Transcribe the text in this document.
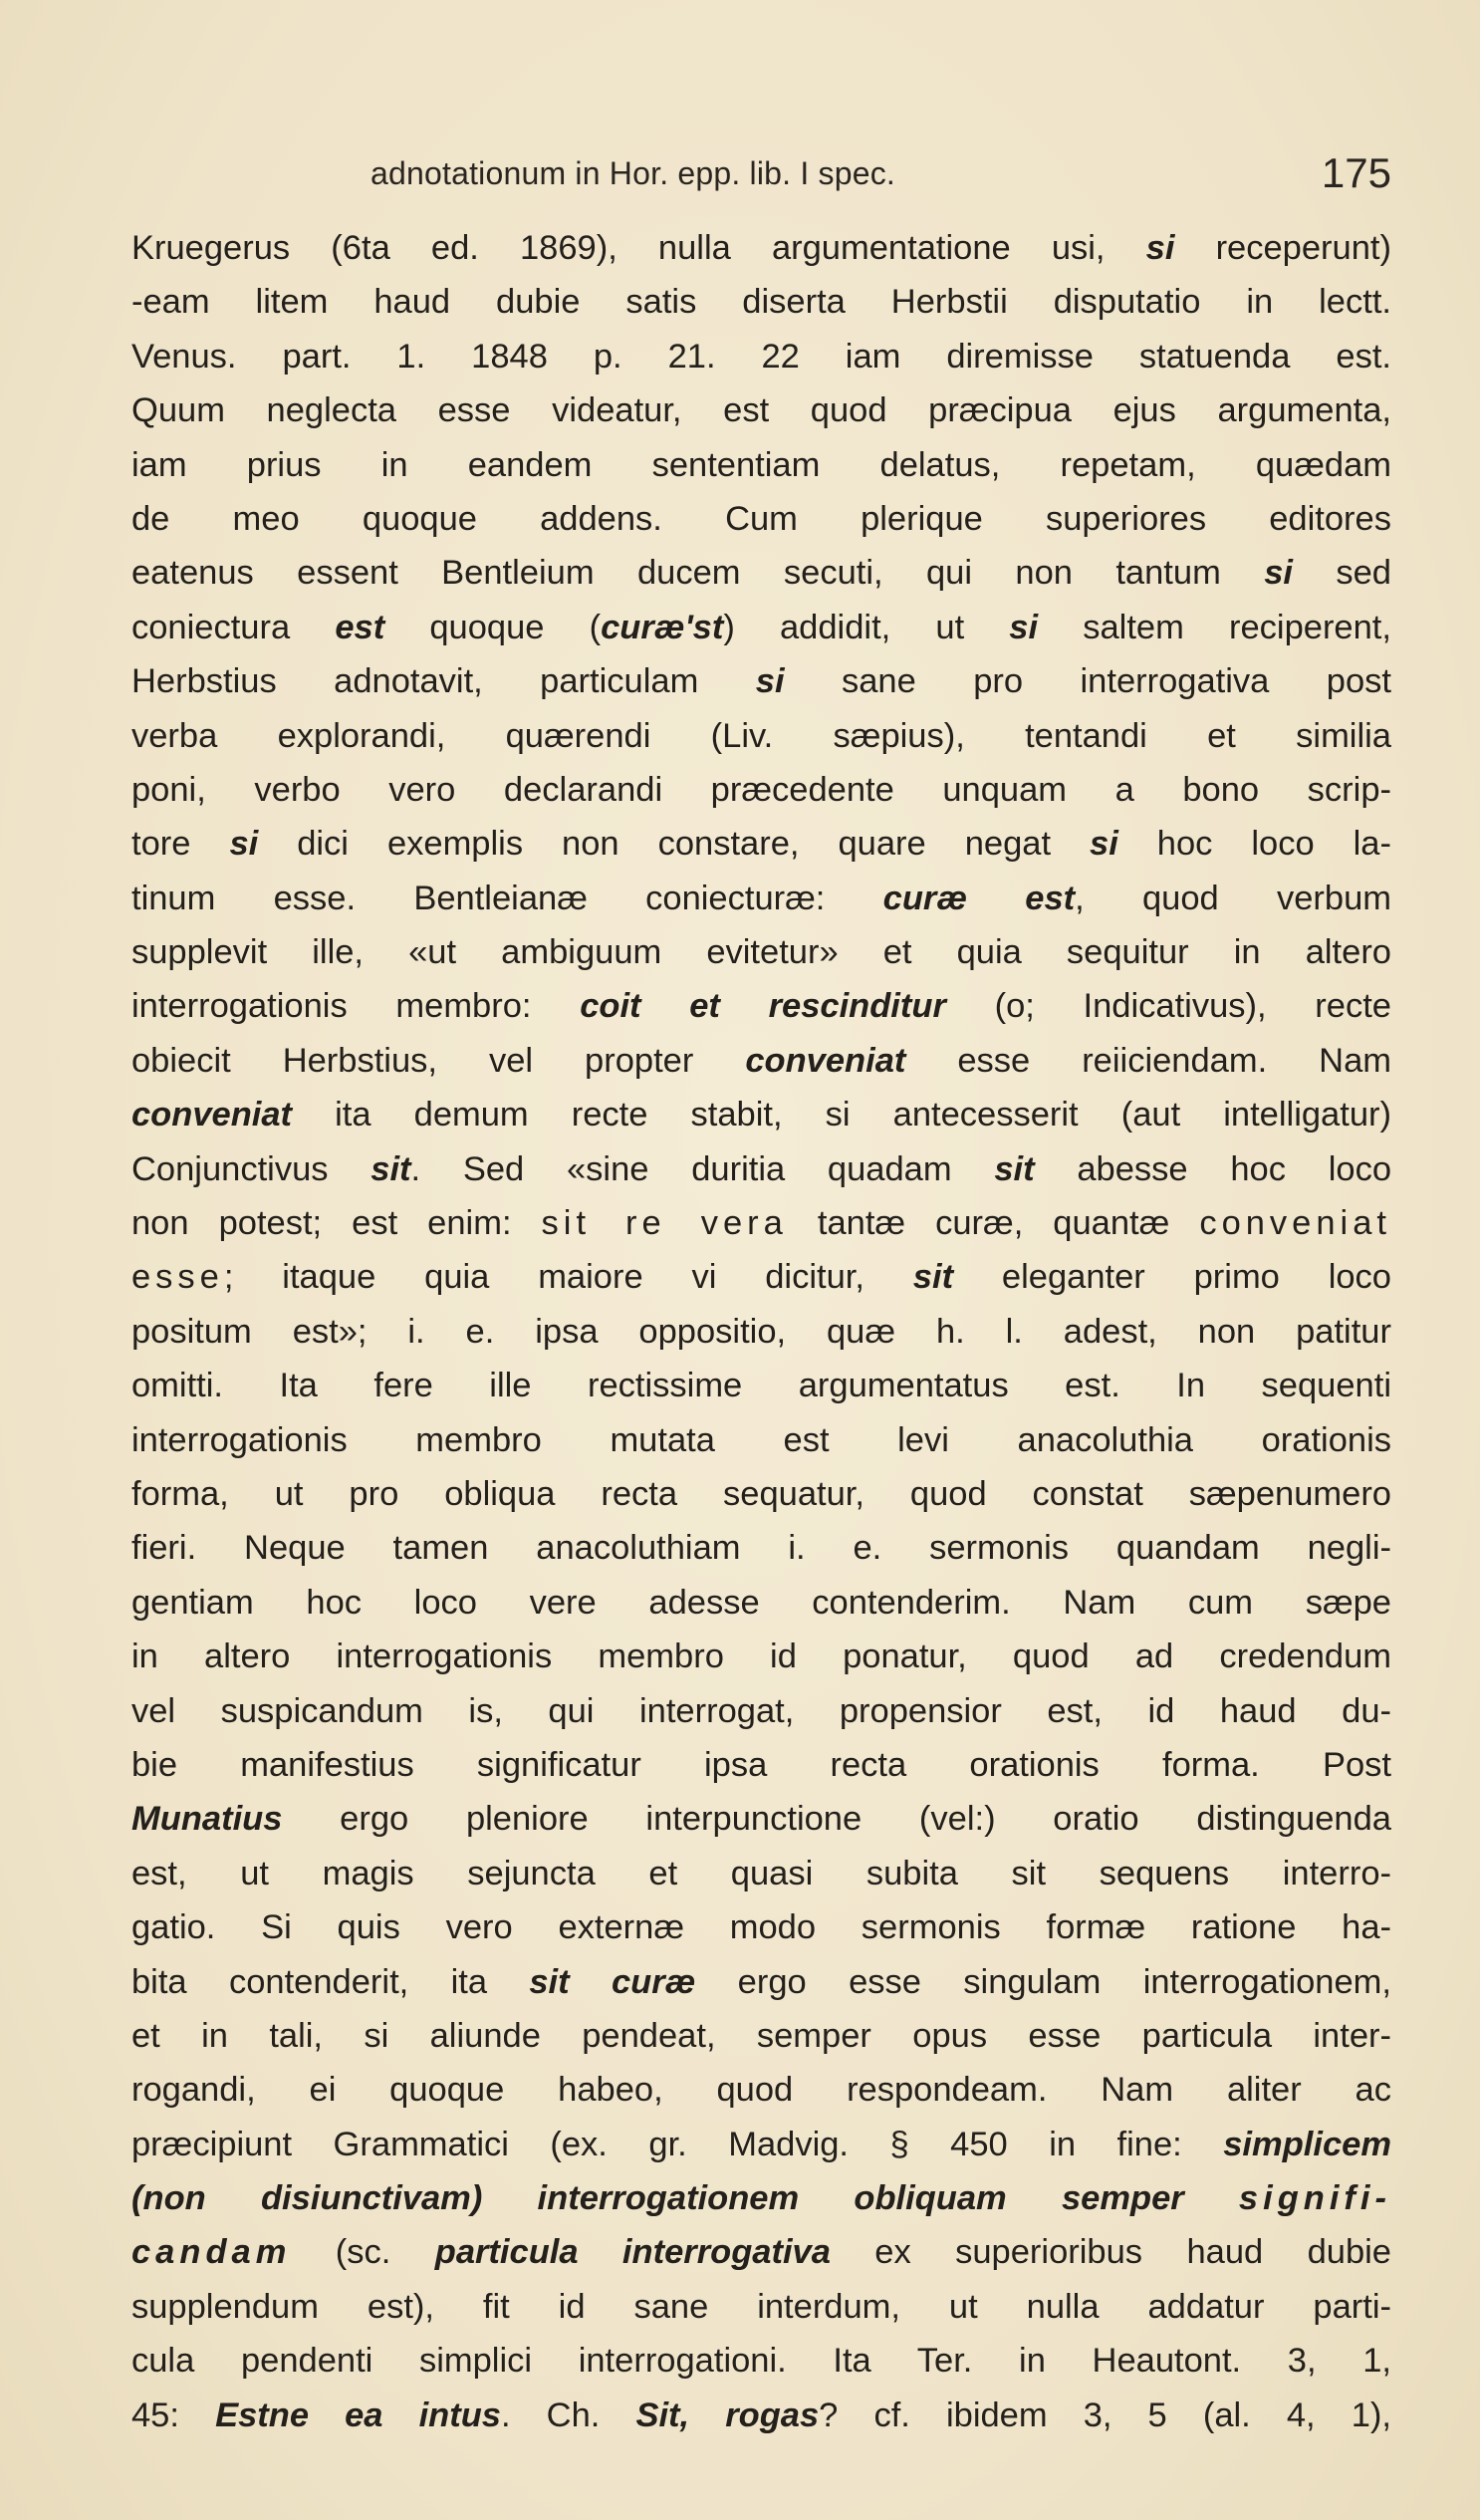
adnotationum in Hor. epp. lib. I spec.	175
Kruegerus (6ta ed. 1869), nulla argumentatione usi, si receperunt)
-eam litem haud dubie satis diserta Herbstii disputatio in lectt.
Venus. part. 1. 1848 p. 21. 22 iam diremisse statuenda est.
Quum neglecta esse videatur, est quod præcipua ejus argumenta,
iam prius in eandem sententiam delatus, repetam, quædam
de meo quoque addens. Cum plerique superiores editores
eatenus essent Bentleium ducem secuti, qui non tantum si sed
coniectura est quoque (curæ'st) addidit, ut si saltem reciperent,
Herbstius adnotavit, particulam si sane pro interrogativa post
verba explorandi, quærendi (Liv. sæpius), tentandi et similia
poni, verbo vero declarandi præcedente unquam a bono scrip-
tore si dici exemplis non constare, quare negat si hoc loco la-
tinum esse. Bentleianæ coniecturæ: curæ est, quod verbum
supplevit ille, «ut ambiguum evitetur» et quia sequitur in altero
interrogationis membro: coit et rescinditur (o; Indicativus), recte
obiecit Herbstius, vel propter conveniat esse reiiciendam. Nam
conveniat ita demum recte stabit, si antecesserit (aut intelligatur)
Conjunctivus sit. Sed «sine duritia quadam sit abesse hoc loco
non potest; est enim: sit re vera tantæ curæ, quantæ conveniat
esse; itaque quia maiore vi dicitur, sit eleganter primo loco
positum est»; i. e. ipsa oppositio, quæ h. l. adest, non patitur
omitti. Ita fere ille rectissime argumentatus est. In sequenti
interrogationis membro mutata est levi anacoluthia orationis
forma, ut pro obliqua recta sequatur, quod constat sæpenumero
fieri. Neque tamen anacoluthiam i. e. sermonis quandam negli-
gentiam hoc loco vere adesse contenderim. Nam cum sæpe
in altero interrogationis membro id ponatur, quod ad credendum
vel suspicandum is, qui interrogat, propensior est, id haud du-
bie manifestius significatur ipsa recta orationis forma. Post
Munatius ergo pleniore interpunctione (vel:) oratio distinguenda
est, ut magis sejuncta et quasi subita sit sequens interro-
gatio. Si quis vero externæ modo sermonis formæ ratione ha-
bita contenderit, ita sit curæ ergo esse singulam interrogationem,
et in tali, si aliunde pendeat, semper opus esse particula inter-
rogandi, ei quoque habeo, quod respondeam. Nam aliter ac
præcipiunt Grammatici (ex. gr. Madvig. § 450 in fine: simplicem
(non disiunctivam) interrogationem obliquam semper signifi-
candam (sc. particula interrogativa ex superioribus haud dubie
supplendum est), fit id sane interdum, ut nulla addatur parti-
cula pendenti simplici interrogationi. Ita Ter. in Heautont. 3, 1,
45: Estne ea intus. Ch. Sit, rogas? cf. ibidem 3, 5 (al. 4, 1),
